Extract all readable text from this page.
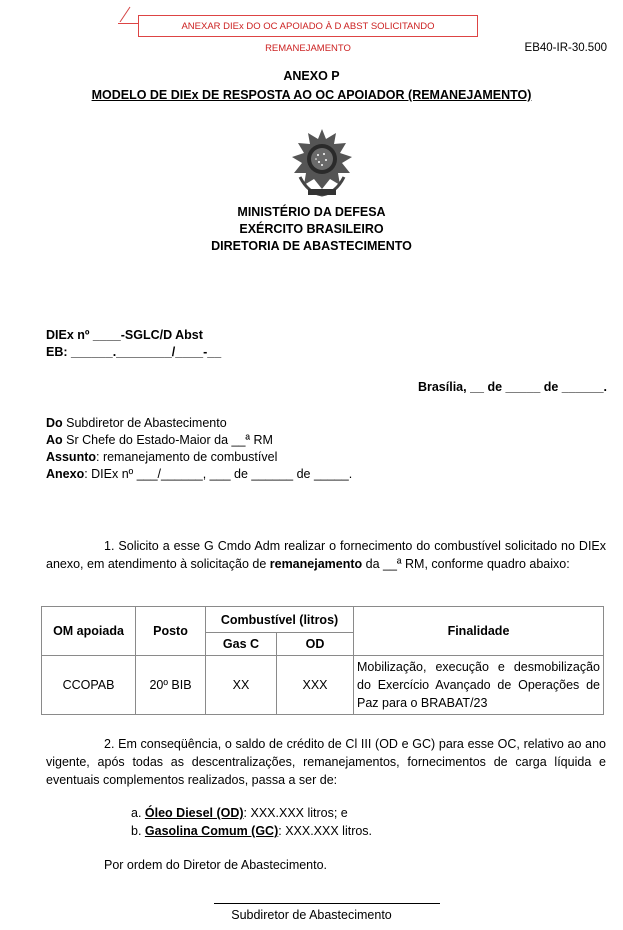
ANEXAR DIEx DO OC APOIADO À D ABST SOLICITANDO REMANEJAMENTO	EB40-IR-30.500
ANEXO P
MODELO DE DIEx DE RESPOSTA AO OC APOIADOR (REMANEJAMENTO)
MINISTÉRIO DA DEFESA
EXÉRCITO BRASILEIRO
DIRETORIA DE ABASTECIMENTO
DIEx nº ____-SGLC/D Abst
EB: ______.________/____-__
Brasília, __ de _____ de ______.
Do Subdiretor de Abastecimento
Ao Sr Chefe do Estado-Maior da __ª RM
Assunto: remanejamento de combustível
Anexo: DIEx nº ___/______, ___ de ______ de _____.
1. Solicito a esse G Cmdo Adm realizar o fornecimento do combustível solicitado no DIEx anexo, em atendimento à solicitação de remanejamento da __ª RM, conforme quadro abaixo:
OM apoiada	Posto	Combustível (litros)		Finalidade
		Gas C	OD	
CCOPAB	20º BIB	XX	XXX	Mobilização, execução e desmobilização do Exercício Avançado de Operações de Paz para o BRABAT/23
2. Em conseqüência, o saldo de crédito de Cl III (OD e GC) para esse OC, relativo ao ano vigente, após todas as descentralizações, remanejamentos, fornecimentos de carga líquida e eventuais complementos realizados, passa a ser de:
a. Óleo Diesel (OD): XXX.XXX litros; e
b. Gasolina Comum (GC): XXX.XXX litros.
Por ordem do Diretor de Abastecimento.
Subdiretor de Abastecimento
